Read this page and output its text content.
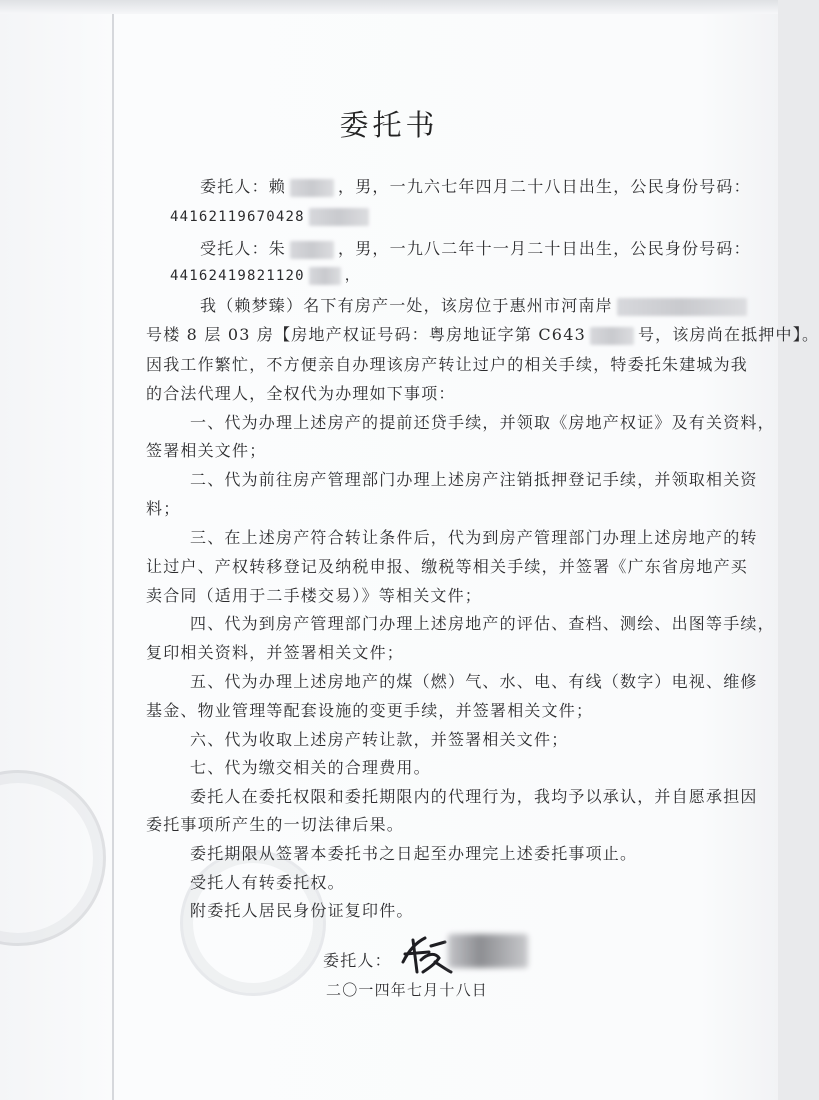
委托书
委托人：赖	，男，一九六七年四月二十八日出生，公民身份号码：
44162119670428
受托人：朱	，男，一九八二年十一月二十日出生，公民身份号码：
44162419821120	，
我（赖梦臻）名下有房产一处，该房位于惠州市河南岸
号楼 8 层 03 房【房地产权证号码：粤房地证字第 C643	号，该房尚在抵押中】。
因我工作繁忙，不方便亲自办理该房产转让过户的相关手续，特委托朱建城为我
的合法代理人，全权代为办理如下事项：
一、代为办理上述房产的提前还贷手续，并领取《房地产权证》及有关资料，
签署相关文件；
二、代为前往房产管理部门办理上述房产注销抵押登记手续，并领取相关资
料；
三、在上述房产符合转让条件后，代为到房产管理部门办理上述房地产的转
让过户、产权转移登记及纳税申报、缴税等相关手续，并签署《广东省房地产买
卖合同（适用于二手楼交易）》等相关文件；
四、代为到房产管理部门办理上述房地产的评估、查档、测绘、出图等手续，
复印相关资料，并签署相关文件；
五、代为办理上述房地产的煤（燃）气、水、电、有线（数字）电视、维修
基金、物业管理等配套设施的变更手续，并签署相关文件；
六、代为收取上述房产转让款，并签署相关文件；
七、代为缴交相关的合理费用。
委托人在委托权限和委托期限内的代理行为，我均予以承认，并自愿承担因
委托事项所产生的一切法律后果。
委托期限从签署本委托书之日起至办理完上述委托事项止。
受托人有转委托权。
附委托人居民身份证复印件。
委托人：
二〇一四年七月十八日
